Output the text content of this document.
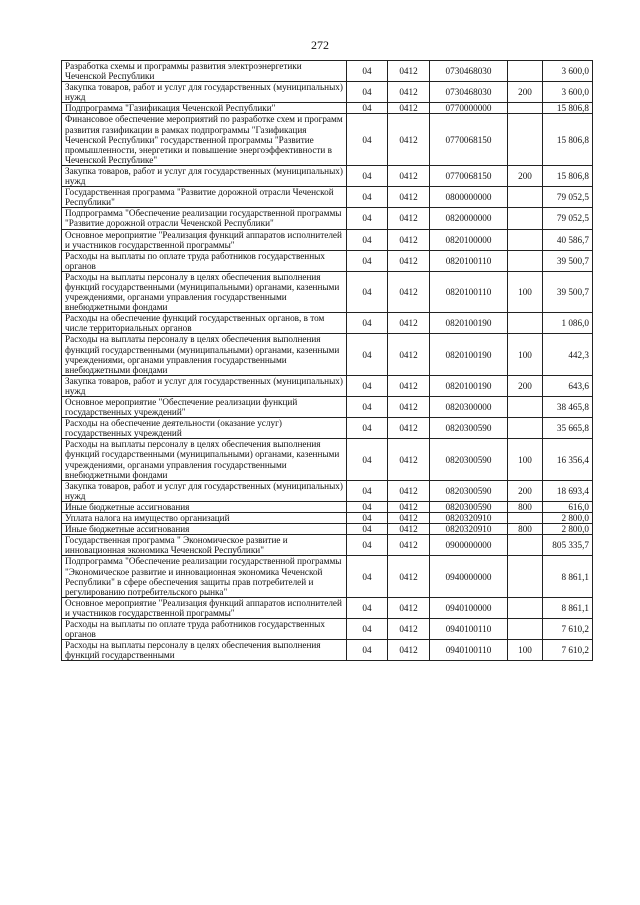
272
Разработка схемы и программы развития электроэнергетики Чеченской Республики	04	0412	0730468030		3 600,0
Закупка товаров, работ и услуг для государственных (муниципальных) нужд	04	0412	0730468030	200	3 600,0
Подпрограмма "Газификация Чеченской Республики"	04	0412	0770000000		15 806,8
Финансовое обеспечение мероприятий по разработке схем и программ развития газификации в рамках подпрограммы "Газификация Чеченской Республики" государственной программы "Развитие промышленности, энергетики и повышение энергоэффективности в Чеченской Республике"	04	0412	0770068150		15 806,8
Закупка товаров, работ и услуг для государственных (муниципальных) нужд	04	0412	0770068150	200	15 806,8
Государственная программа "Развитие дорожной отрасли Чеченской Республики"	04	0412	0800000000		79 052,5
Подпрограмма "Обеспечение реализации государственной программы "Развитие дорожной отрасли Чеченской Республики"	04	0412	0820000000		79 052,5
Основное мероприятие "Реализация функций аппаратов исполнителей и участников государственной программы"	04	0412	0820100000		40 586,7
Расходы на выплаты по оплате труда работников государственных органов	04	0412	0820100110		39 500,7
Расходы на выплаты персоналу в целях обеспечения выполнения функций государственными (муниципальными) органами, казенными учреждениями, органами управления государственными внебюджетными фондами	04	0412	0820100110	100	39 500,7
Расходы на обеспечение функций государственных органов, в том числе территориальных органов	04	0412	0820100190		1 086,0
Расходы на выплаты персоналу в целях обеспечения выполнения функций государственными (муниципальными) органами, казенными учреждениями, органами управления государственными внебюджетными фондами	04	0412	0820100190	100	442,3
Закупка товаров, работ и услуг для государственных (муниципальных) нужд	04	0412	0820100190	200	643,6
Основное мероприятие "Обеспечение реализации функций государственных учреждений"	04	0412	0820300000		38 465,8
Расходы на обеспечение деятельности (оказание услуг) государственных учреждений	04	0412	0820300590		35 665,8
Расходы на выплаты персоналу в целях обеспечения выполнения функций государственными (муниципальными) органами, казенными учреждениями, органами управления государственными внебюджетными фондами	04	0412	0820300590	100	16 356,4
Закупка товаров, работ и услуг для государственных (муниципальных) нужд	04	0412	0820300590	200	18 693,4
Иные бюджетные ассигнования	04	0412	0820300590	800	616,0
Уплата налога на имущество организаций	04	0412	0820320910		2 800,0
Иные бюджетные ассигнования	04	0412	0820320910	800	2 800,0
Государственная программа " Экономическое развитие и инновационная экономика Чеченской Республики"	04	0412	0900000000		805 335,7
Подпрограмма "Обеспечение реализации государственной программы "Экономическое развитие и инновационная экономика Чеченской Республики" в сфере обеспечения защиты прав потребителей и регулированию потребительского рынка"	04	0412	0940000000		8 861,1
Основное мероприятие "Реализация функций аппаратов исполнителей и участников государственной программы"	04	0412	0940100000		8 861,1
Расходы на выплаты по оплате труда работников государственных органов	04	0412	0940100110		7 610,2
Расходы на выплаты персоналу в целях обеспечения выполнения функций государственными	04	0412	0940100110	100	7 610,2
